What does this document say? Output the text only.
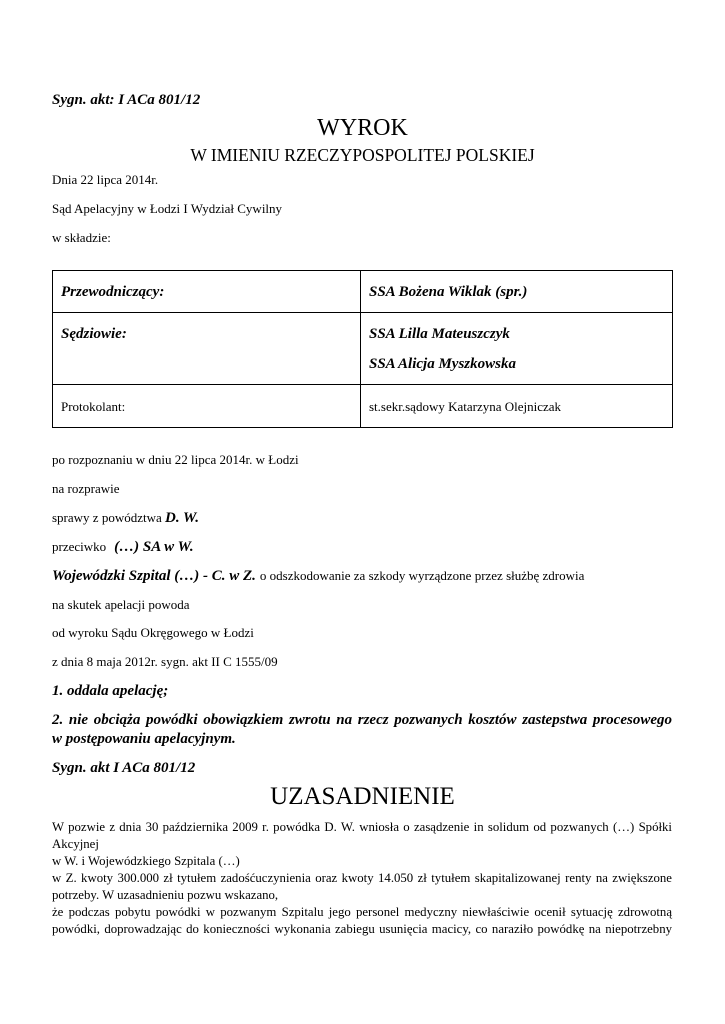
Sygn. akt: I ACa 801/12
WYROK
W IMIENIU RZECZYPOSPOLITEJ POLSKIEJ
Dnia 22 lipca 2014r.
Sąd Apelacyjny w Łodzi I Wydział Cywilny
w składzie:
Przewodniczący:	SSA Bożena Wiklak (spr.)

Sędziowie:	SSA Lilla Mateuszczyk
SSA Alicja Myszkowska

Protokolant:	st.sekr.sądowy Katarzyna Olejniczak
po rozpoznaniu w dniu 22 lipca 2014r. w Łodzi
na rozprawie
sprawy z powództwa D. W.
przeciwko (…) SA w W.
Wojewódzki Szpital (…) - C. w Z. o odszkodowanie za szkody wyrządzone przez służbę zdrowia
na skutek apelacji powoda
od wyroku Sądu Okręgowego w Łodzi
z dnia 8 maja 2012r. sygn. akt II C 1555/09
1. oddala apelację;
2. nie obciąża powódki obowiązkiem zwrotu na rzecz pozwanych kosztów zastepstwa procesowego
w postępowaniu apelacyjnym.
Sygn. akt I ACa 801/12
UZASADNIENIE
W pozwie z dnia 30 października 2009 r. powódka D. W. wniosła o zasądzenie in solidum od pozwanych (…) Spółki
Akcyjnej
w W. i Wojewódzkiego Szpitala (…)
w Z. kwoty 300.000 zł tytułem zadośćuczynienia oraz kwoty 14.050 zł tytułem skapitalizowanej renty na zwiększone
potrzeby. W uzasadnieniu pozwu wskazano,
że podczas pobytu powódki w pozwanym Szpitalu jego personel medyczny niewłaściwie ocenił sytuację zdrowotną
powódki, doprowadzając do konieczności wykonania zabiegu usunięcia macicy, co naraziło powódkę na niepotrzebny
